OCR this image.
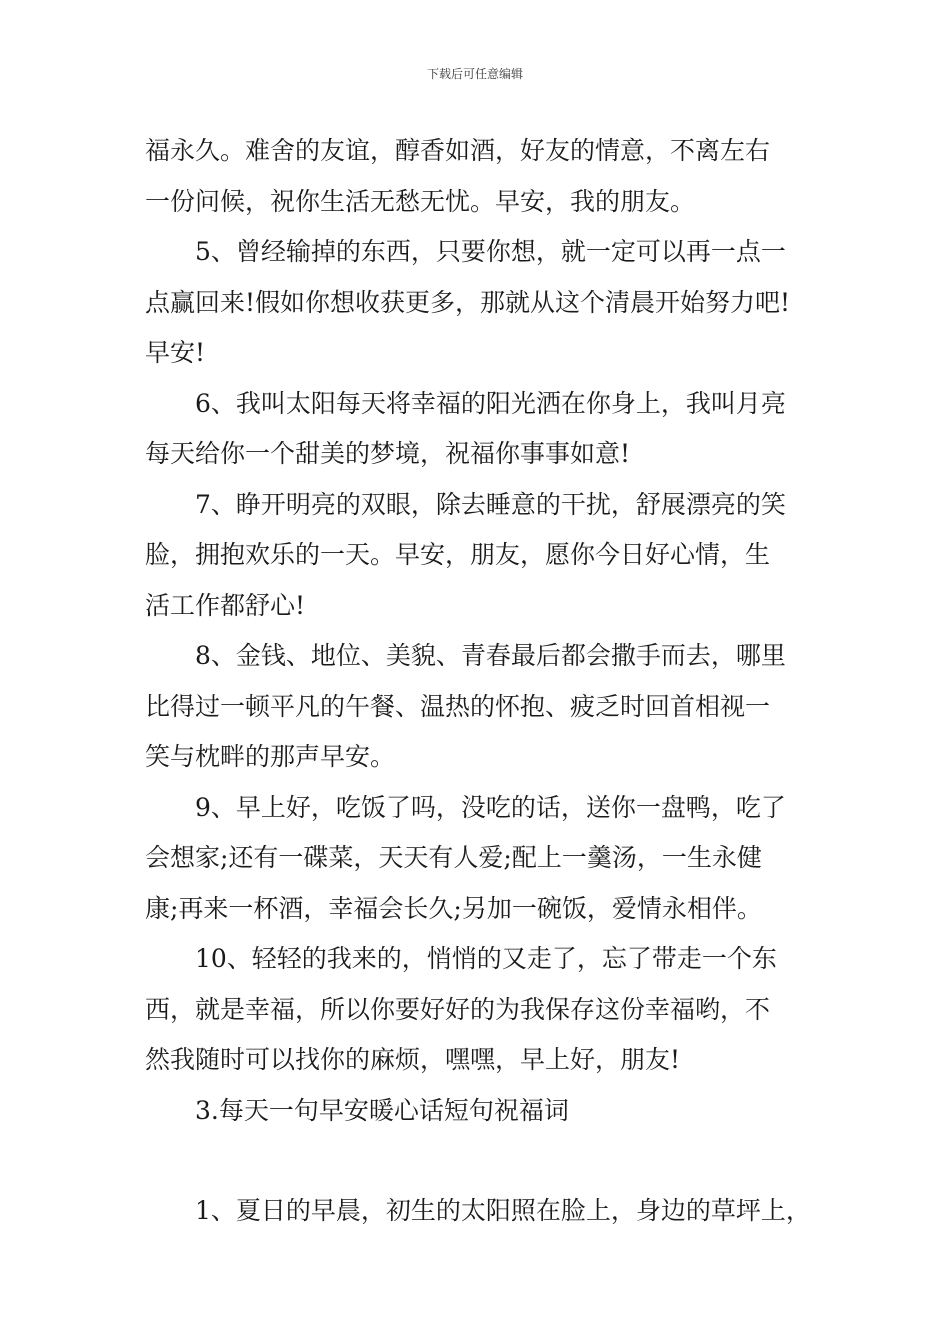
下载后可任意编辑
福永久。难舍的友谊，醇香如酒，好友的情意，不离左右
一份问候，祝你生活无愁无忧。早安，我的朋友。
5、曾经输掉的东西，只要你想，就一定可以再一点一
点赢回来!假如你想收获更多，那就从这个清晨开始努力吧!
早安!
6、我叫太阳每天将幸福的阳光洒在你身上，我叫月亮
每天给你一个甜美的梦境，祝福你事事如意!
7、睁开明亮的双眼，除去睡意的干扰，舒展漂亮的笑
脸，拥抱欢乐的一天。早安，朋友，愿你今日好心情，生
活工作都舒心!
8、金钱、地位、美貌、青春最后都会撒手而去，哪里
比得过一顿平凡的午餐、温热的怀抱、疲乏时回首相视一
笑与枕畔的那声早安。
9、早上好，吃饭了吗，没吃的话，送你一盘鸭，吃了
会想家;还有一碟菜，天天有人爱;配上一羹汤，一生永健
康;再来一杯酒，幸福会长久;另加一碗饭，爱情永相伴。
10、轻轻的我来的，悄悄的又走了，忘了带走一个东
西，就是幸福，所以你要好好的为我保存这份幸福哟，不
然我随时可以找你的麻烦，嘿嘿，早上好，朋友!
3.每天一句早安暖心话短句祝福词
1、夏日的早晨，初生的太阳照在脸上，身边的草坪上，
